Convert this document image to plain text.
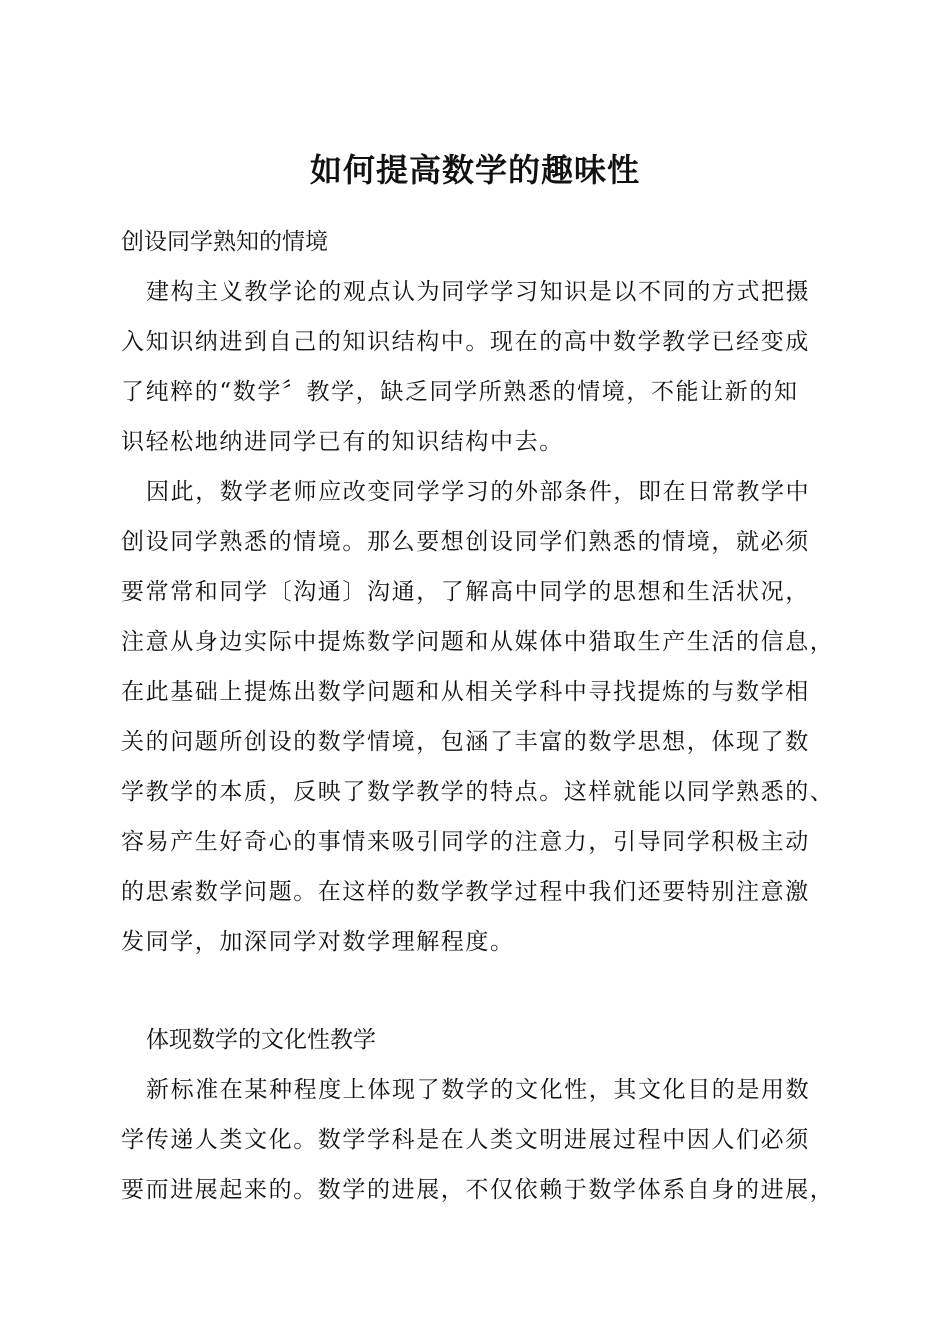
如何提高数学的趣味性
创设同学熟知的情境
建构主义教学论的观点认为同学学习知识是以不同的方式把摄
入知识纳进到自己的知识结构中。现在的高中数学教学已经变成
了纯粹的“数学〞教学，缺乏同学所熟悉的情境，不能让新的知
识轻松地纳进同学已有的知识结构中去。
因此，数学老师应改变同学学习的外部条件，即在日常教学中
创设同学熟悉的情境。那么要想创设同学们熟悉的情境，就必须
要常常和同学〔沟通〕沟通，了解高中同学的思想和生活状况，
注意从身边实际中提炼数学问题和从媒体中猎取生产生活的信息，
在此基础上提炼出数学问题和从相关学科中寻找提炼的与数学相
关的问题所创设的数学情境，包涵了丰富的数学思想，体现了数
学教学的本质，反映了数学教学的特点。这样就能以同学熟悉的、
容易产生好奇心的事情来吸引同学的注意力，引导同学积极主动
的思索数学问题。在这样的数学教学过程中我们还要特别注意激
发同学，加深同学对数学理解程度。
体现数学的文化性教学
新标准在某种程度上体现了数学的文化性，其文化目的是用数
学传递人类文化。数学学科是在人类文明进展过程中因人们必须
要而进展起来的。数学的进展，不仅依赖于数学体系自身的进展，
